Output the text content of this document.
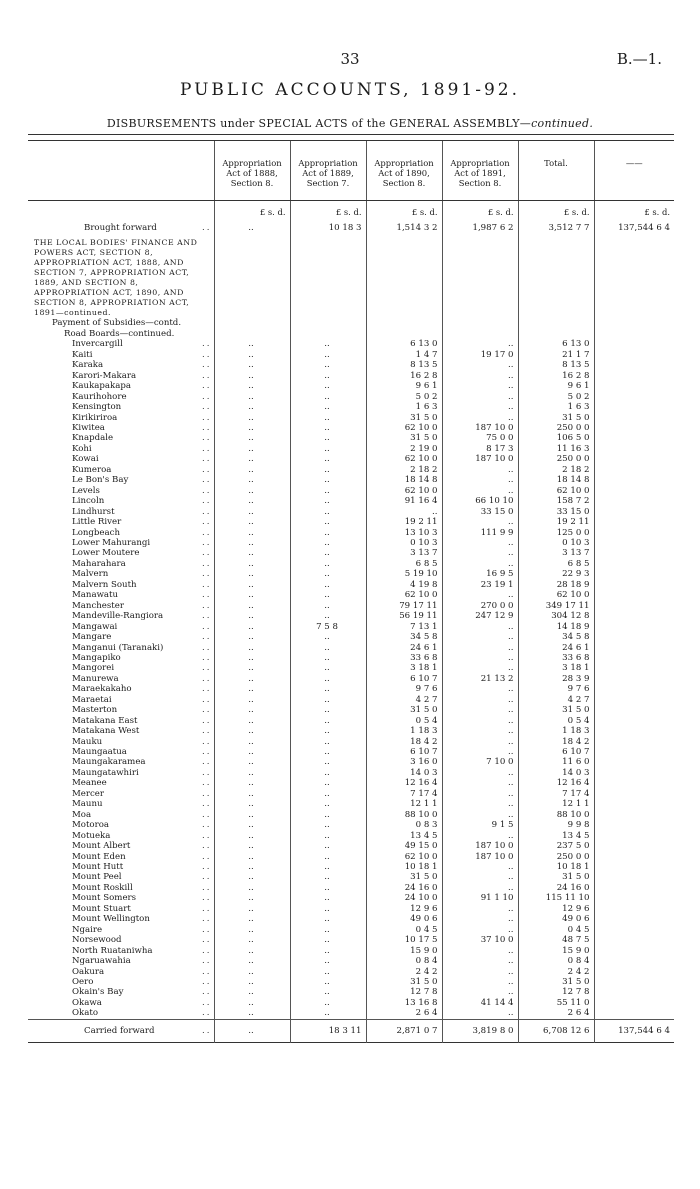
33	B.—1.
PUBLIC ACCOUNTS, 1891-92.
DISBURSEMENTS under SPECIAL ACTS of the GENERAL ASSEMBLY—continued.

	Appropriation Act of 1888, Section 8.	Appropriation Act of 1889, Section 7.	Appropriation Act of 1890, Section 8.	Appropriation Act of 1891, Section 8.	Total.	——
	£ s. d.	£ s. d.	£ s. d.	£ s. d.	£ s. d.	£ s. d.
Brought forward ..	..	10 18 3	1,514 3 2	1,987 6 2	3,512 7 7	137,544 6 4
THE LOCAL BODIES' FINANCE AND POWERS ACT, SECTION 8, APPROPRIATION ACT, 1888, AND SECTION 7, APPROPRIATION ACT, 1889, AND SECTION 8, APPROPRIATION ACT, 1890, AND SECTION 8, APPROPRIATION ACT, 1891—continued.						
Payment of Subsidies—contd.						
Road Boards—continued.						
Invercargill ..	..	..	6 13 0	..	6 13 0	
Kaiti ..	..	..	1 4 7	19 17 0	21 1 7	
Karaka ..	..	..	8 13 5	..	8 13 5	
Karori-Makara ..	..	..	16 2 8	..	16 2 8	
Kaukapakapa ..	..	..	9 6 1	..	9 6 1	
Kaurihohore ..	..	..	5 0 2	..	5 0 2	
Kensington ..	..	..	1 6 3	..	1 6 3	
Kirikiriroa ..	..	..	31 5 0	..	31 5 0	
Kiwitea ..	..	..	62 10 0	187 10 0	250 0 0	
Knapdale ..	..	..	31 5 0	75 0 0	106 5 0	
Kohi ..	..	..	2 19 0	8 17 3	11 16 3	
Kowai ..	..	..	62 10 0	187 10 0	250 0 0	
Kumeroa ..	..	..	2 18 2	..	2 18 2	
Le Bon's Bay ..	..	..	18 14 8	..	18 14 8	
Levels ..	..	..	62 10 0	..	62 10 0	
Lincoln ..	..	..	91 16 4	66 10 10	158 7 2	
Lindhurst ..	..	..	..	33 15 0	33 15 0	
Little River ..	..	..	19 2 11	..	19 2 11	
Longbeach ..	..	..	13 10 3	111 9 9	125 0 0	
Lower Mahurangi ..	..	..	0 10 3	..	0 10 3	
Lower Moutere ..	..	..	3 13 7	..	3 13 7	
Maharahara ..	..	..	6 8 5	..	6 8 5	
Malvern ..	..	..	5 19 10	16 9 5	22 9 3	
Malvern South ..	..	..	4 19 8	23 19 1	28 18 9	
Manawatu ..	..	..	62 10 0	..	62 10 0	
Manchester ..	..	..	79 17 11	270 0 0	349 17 11	
Mandeville-Rangiora ..	..	..	56 19 11	247 12 9	304 12 8	
Mangawai ..	..	7 5 8	7 13 1	..	14 18 9	
Mangare ..	..	..	34 5 8	..	34 5 8	
Manganui (Taranaki) ..	..	..	24 6 1	..	24 6 1	
Mangapiko ..	..	..	33 6 8	..	33 6 8	
Mangorei ..	..	..	3 18 1	..	3 18 1	
Manurewa ..	..	..	6 10 7	21 13 2	28 3 9	
Maraekakaho ..	..	..	9 7 6	..	9 7 6	
Maraetai ..	..	..	4 2 7	..	4 2 7	
Masterton ..	..	..	31 5 0	..	31 5 0	
Matakana East ..	..	..	0 5 4	..	0 5 4	
Matakana West ..	..	..	1 18 3	..	1 18 3	
Mauku ..	..	..	18 4 2	..	18 4 2	
Maungaatua ..	..	..	6 10 7	..	6 10 7	
Maungakaramea ..	..	..	3 16 0	7 10 0	11 6 0	
Maungatawhiri ..	..	..	14 0 3	..	14 0 3	
Meanee ..	..	..	12 16 4	..	12 16 4	
Mercer ..	..	..	7 17 4	..	7 17 4	
Maunu ..	..	..	12 1 1	..	12 1 1	
Moa ..	..	..	88 10 0	..	88 10 0	
Motoroa ..	..	..	0 8 3	9 1 5	9 9 8	
Motueka ..	..	..	13 4 5	..	13 4 5	
Mount Albert ..	..	..	49 15 0	187 10 0	237 5 0	
Mount Eden ..	..	..	62 10 0	187 10 0	250 0 0	
Mount Hutt ..	..	..	10 18 1	..	10 18 1	
Mount Peel ..	..	..	31 5 0	..	31 5 0	
Mount Roskill ..	..	..	24 16 0	..	24 16 0	
Mount Somers ..	..	..	24 10 0	91 1 10	115 11 10	
Mount Stuart ..	..	..	12 9 6	..	12 9 6	
Mount Wellington ..	..	..	49 0 6	..	49 0 6	
Ngaire ..	..	..	0 4 5	..	0 4 5	
Norsewood ..	..	..	10 17 5	37 10 0	48 7 5	
North Ruataniwha ..	..	..	15 9 0	..	15 9 0	
Ngaruawahia ..	..	..	0 8 4	..	0 8 4	
Oakura ..	..	..	2 4 2	..	2 4 2	
Oero ..	..	..	31 5 0	..	31 5 0	
Okain's Bay ..	..	..	12 7 8	..	12 7 8	
Okawa ..	..	..	13 16 8	41 14 4	55 11 0	
Okato ..	..	..	2 6 4	..	2 6 4	
Carried forward ..	..	18 3 11	2,871 0 7	3,819 8 0	6,708 12 6	137,544 6 4
